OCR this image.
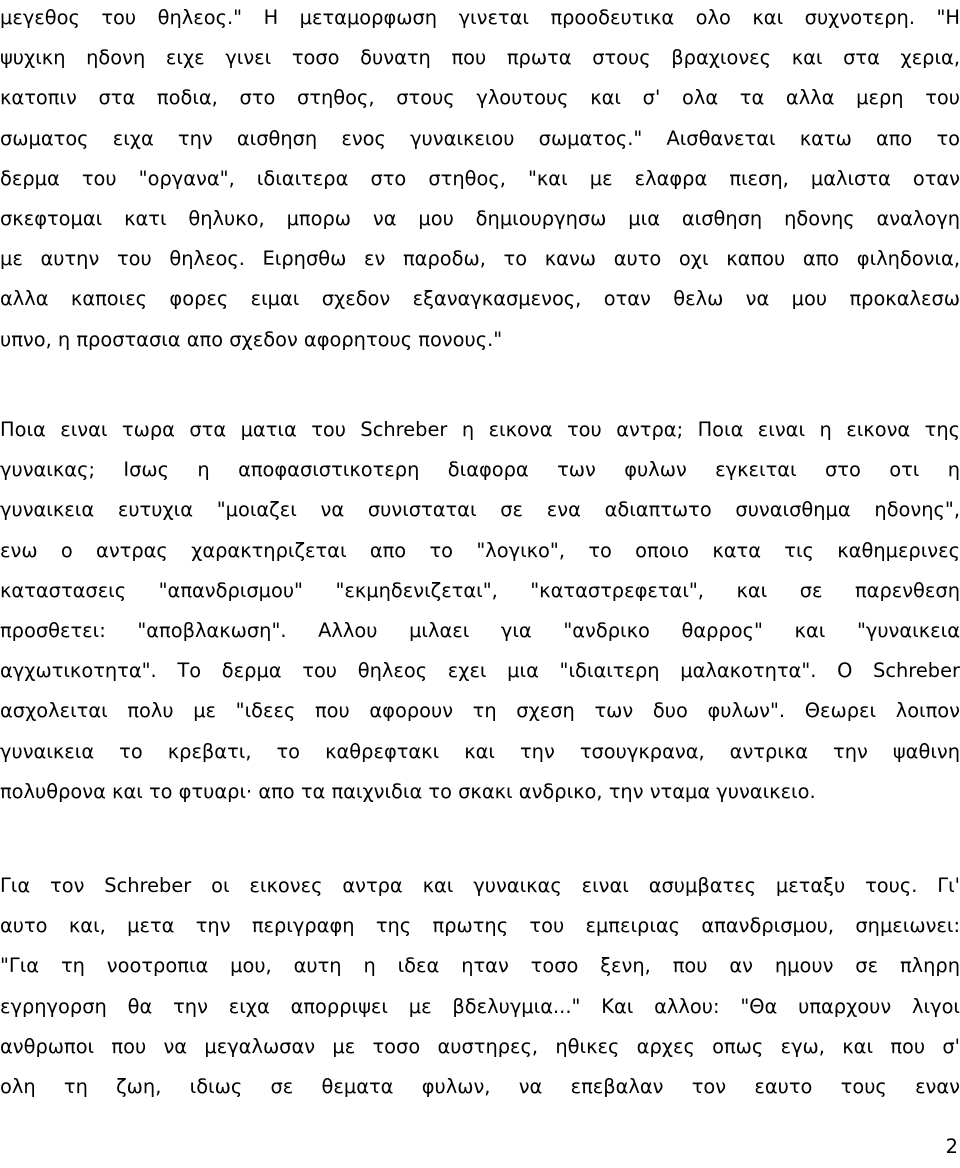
μεγεθος του θηλεος." Η μεταμορφωση γινεται προοδευτικα ολο και συχνοτερη. "Η
ψυχικη ηδονη ειχε γινει τοσο δυνατη που πρωτα στους βραχιονες και στα χερια,
κατοπιν στα ποδια, στο στηθος, στους γλουτους και σ' ολα τα αλλα μερη του
σωματος ειχα την αισθηση ενος γυναικειου σωματος." Αισθανεται κατω απο το
δερμα του "οργανα", ιδιαιτερα στο στηθος, "και με ελαφρα πιεση, μαλιστα οταν
σκεφτομαι κατι θηλυκο, μπορω να μου δημιουργησω μια αισθηση ηδονης αναλογη
με αυτην του θηλεος. Ειρησθω εν παροδω, το κανω αυτο οχι καπου απο φιληδονια,
αλλα καποιες φορες ειμαι σχεδον εξαναγκασμενος, οταν θελω να μου προκαλεσω
υπνο, η προστασια απο σχεδον αφορητους πονους."
Ποια ειναι τωρα στα ματια του Schreber η εικονα του αντρα; Ποια ειναι η εικονα της
γυναικας; Ισως η αποφασιστικοτερη διαφορα των φυλων εγκειται στο οτι η
γυναικεια ευτυχια "μοιαζει να συνισταται σε ενα αδιαπτωτο συναισθημα ηδονης",
ενω ο αντρας χαρακτηριζεται απο το "λογικο", το οποιο κατα τις καθημερινες
καταστασεις "απανδρισμου" "εκμηδενιζεται", "καταστρεφεται", και σε παρενθεση
προσθετει: "αποβλακωση". Αλλου μιλαει για "ανδρικο θαρρος" και "γυναικεια
αγχωτικοτητα". Το δερμα του θηλεος εχει μια "ιδιαιτερη μαλακοτητα". Ο Schreber
ασχολειται πολυ με "ιδεες που αφορουν τη σχεση των δυο φυλων". Θεωρει λοιπον
γυναικεια το κρεβατι, το καθρεφτακι και την τσουγκρανα, αντρικα την ψαθινη
πολυθρονα και το φτυαρι· απο τα παιχνιδια το σκακι ανδρικο, την νταμα γυναικειο.
Για τον Schreber οι εικονες αντρα και γυναικας ειναι ασυμβατες μεταξυ τους. Γι'
αυτο και, μετα την περιγραφη της πρωτης του εμπειριας απανδρισμου, σημειωνει:
"Για τη νοοτροπια μου, αυτη η ιδεα ηταν τοσο ξενη, που αν ημουν σε πληρη
εγρηγορση θα την ειχα απορριψει με βδελυγμια..." Και αλλου: "Θα υπαρχουν λιγοι
ανθρωποι που να μεγαλωσαν με τοσο αυστηρες, ηθικες αρχες οπως εγω, και που σ'
ολη τη ζωη, ιδιως σε θεματα φυλων, να επεβαλαν τον εαυτο τους εναν
2
